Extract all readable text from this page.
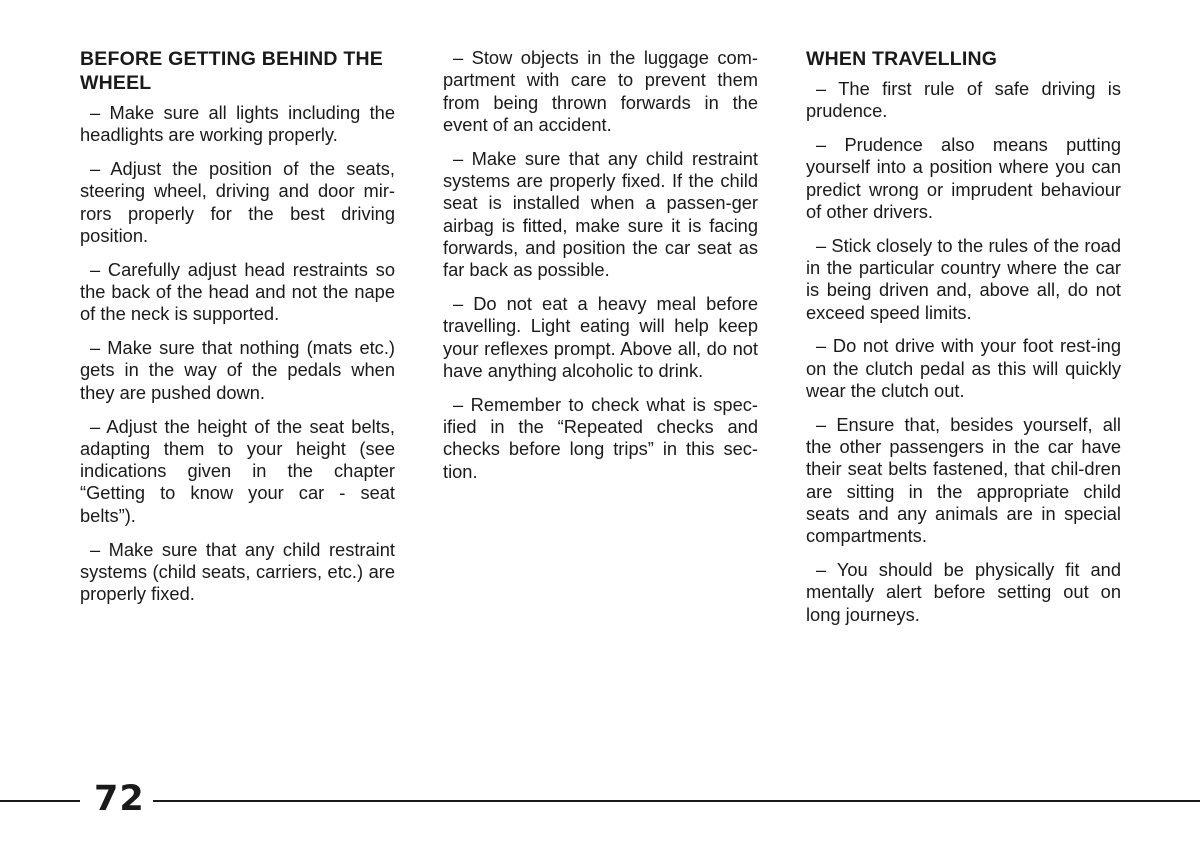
BEFORE GETTING BEHIND THE WHEEL

– Make sure all lights including the headlights are working properly.

– Adjust the position of the seats, steering wheel, driving and door mir-rors properly for the best driving position.

– Carefully adjust head restraints so the back of the head and not the nape of the neck is supported.

– Make sure that nothing (mats etc.) gets in the way of the pedals when they are pushed down.

– Adjust the height of the seat belts, adapting them to your height (see indications given in the chapter “Getting to know your car - seat belts”).

– Make sure that any child restraint systems (child seats, carriers, etc.) are properly fixed.

– Stow objects in the luggage com-partment with care to prevent them from being thrown forwards in the event of an accident.

– Make sure that any child restraint systems are properly fixed. If the child seat is installed when a passen-ger airbag is fitted, make sure it is facing forwards, and position the car seat as far back as possible.

– Do not eat a heavy meal before travelling. Light eating will help keep your reflexes prompt. Above all, do not have anything alcoholic to drink.

– Remember to check what is spec-ified in the “Repeated checks and checks before long trips” in this sec-tion.

WHEN TRAVELLING

– The first rule of safe driving is prudence.

– Prudence also means putting yourself into a position where you can predict wrong or imprudent behaviour of other drivers.

– Stick closely to the rules of the road in the particular country where the car is being driven and, above all, do not exceed speed limits.

– Do not drive with your foot rest-ing on the clutch pedal as this will quickly wear the clutch out.

– Ensure that, besides yourself, all the other passengers in the car have their seat belts fastened, that chil-dren are sitting in the appropriate child seats and any animals are in special compartments.

– You should be physically fit and mentally alert before setting out on long journeys.

72
